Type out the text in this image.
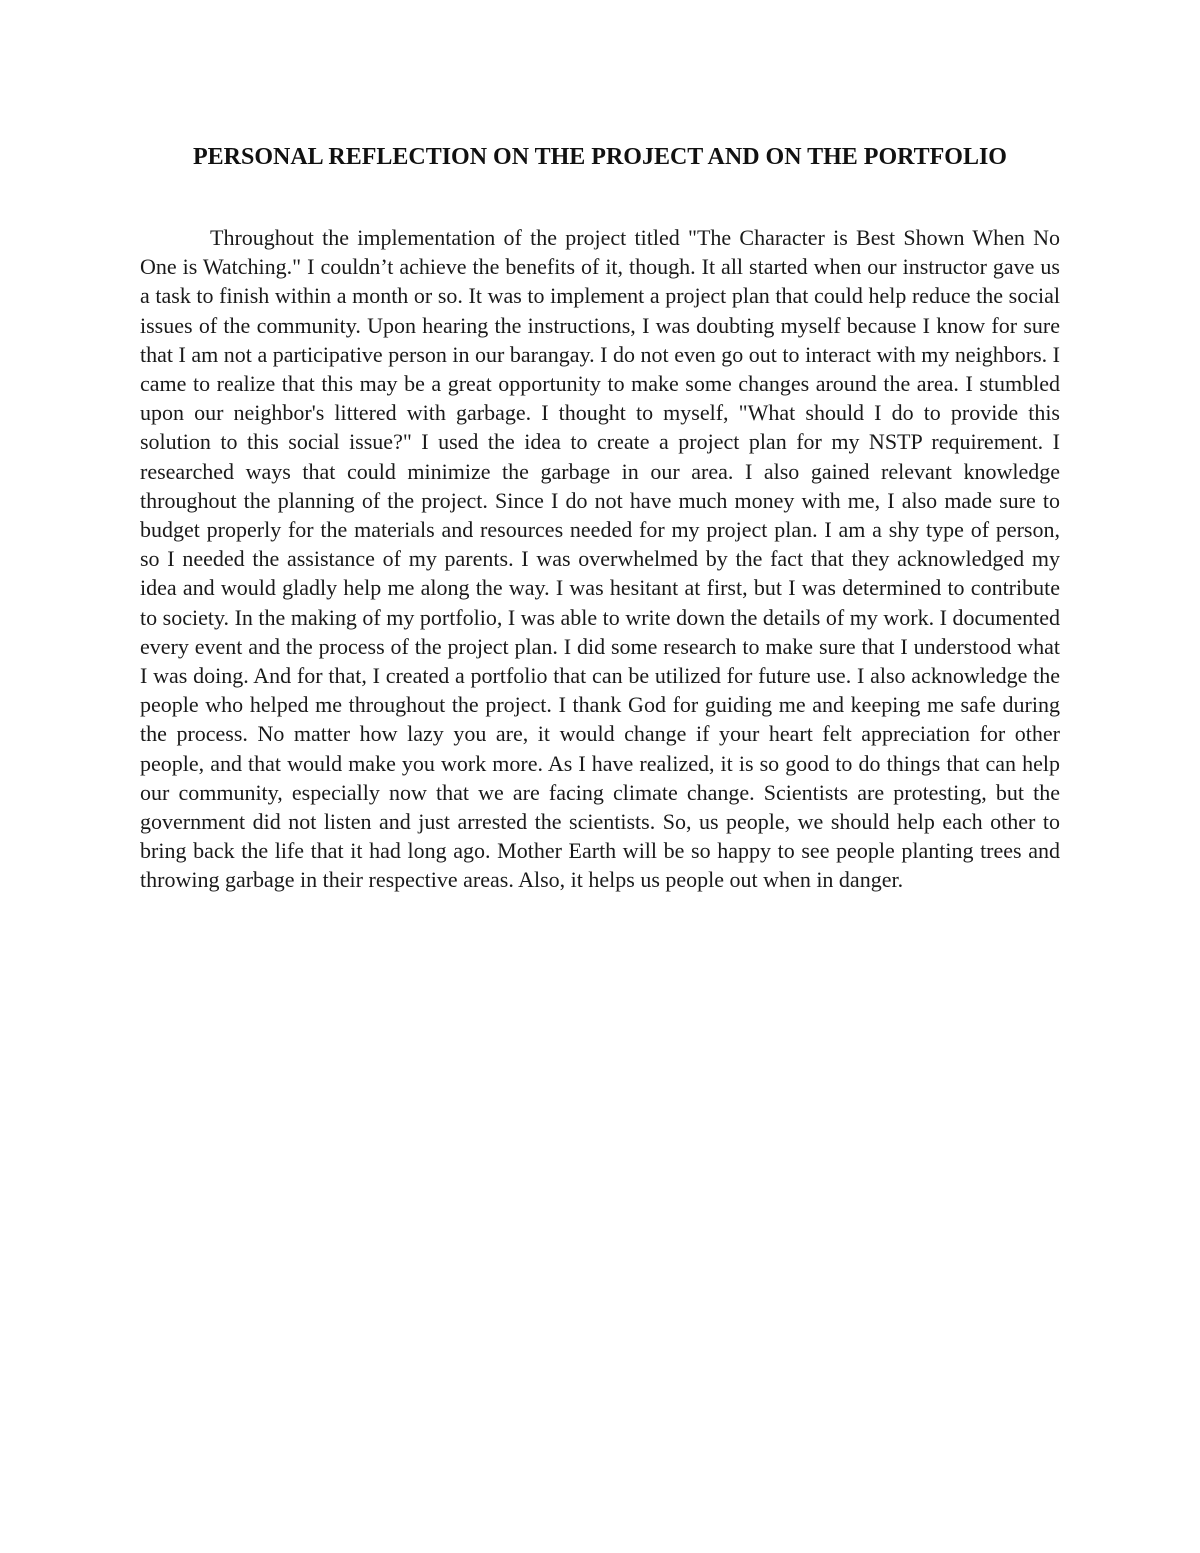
PERSONAL REFLECTION ON THE PROJECT AND ON THE PORTFOLIO

Throughout the implementation of the project titled "The Character is Best Shown When No One is Watching." I couldn’t achieve the benefits of it, though. It all started when our instructor gave us a task to finish within a month or so. It was to implement a project plan that could help reduce the social issues of the community. Upon hearing the instructions, I was doubting myself because I know for sure that I am not a participative person in our barangay. I do not even go out to interact with my neighbors. I came to realize that this may be a great opportunity to make some changes around the area. I stumbled upon our neighbor's littered with garbage. I thought to myself, "What should I do to provide this solution to this social issue?" I used the idea to create a project plan for my NSTP requirement. I researched ways that could minimize the garbage in our area. I also gained relevant knowledge throughout the planning of the project. Since I do not have much money with me, I also made sure to budget properly for the materials and resources needed for my project plan. I am a shy type of person, so I needed the assistance of my parents. I was overwhelmed by the fact that they acknowledged my idea and would gladly help me along the way. I was hesitant at first, but I was determined to contribute to society. In the making of my portfolio, I was able to write down the details of my work. I documented every event and the process of the project plan. I did some research to make sure that I understood what I was doing. And for that, I created a portfolio that can be utilized for future use. I also acknowledge the people who helped me throughout the project. I thank God for guiding me and keeping me safe during the process. No matter how lazy you are, it would change if your heart felt appreciation for other people, and that would make you work more. As I have realized, it is so good to do things that can help our community, especially now that we are facing climate change. Scientists are protesting, but the government did not listen and just arrested the scientists. So, us people, we should help each other to bring back the life that it had long ago. Mother Earth will be so happy to see people planting trees and throwing garbage in their respective areas. Also, it helps us people out when in danger.
